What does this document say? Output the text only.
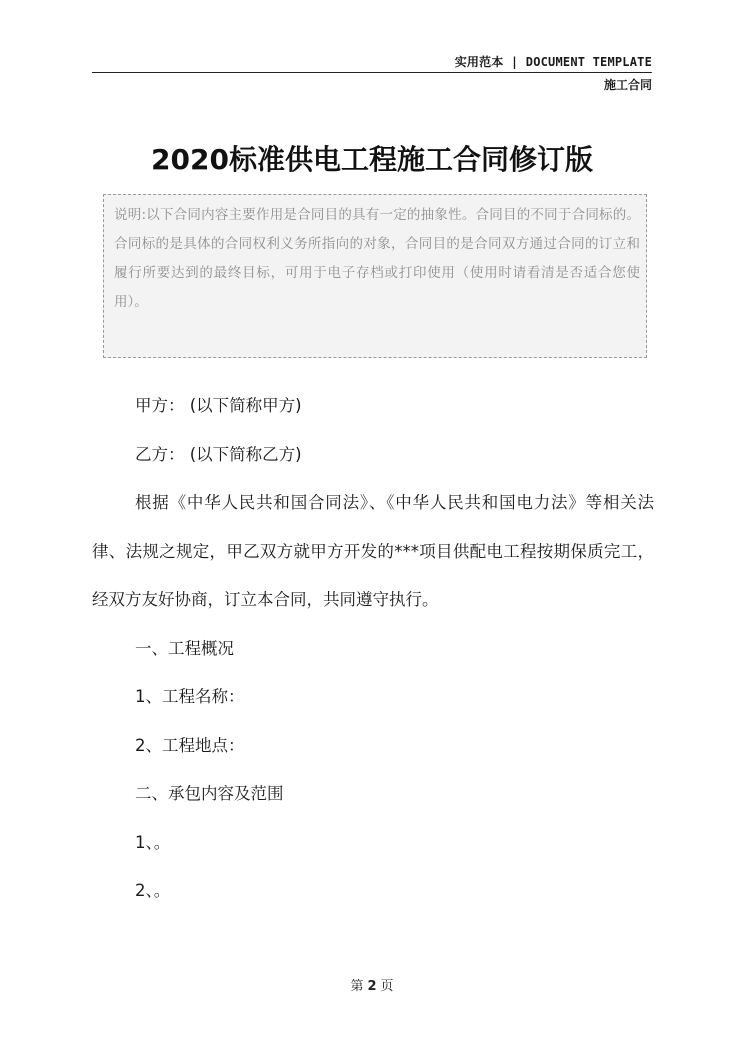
实用范本 | DOCUMENT TEMPLATE
施工合同
2020标准供电工程施工合同修订版
说明:以下合同内容主要作用是合同目的具有一定的抽象性。合同目的不同于合同标的。合同标的是具体的合同权利义务所指向的对象，合同目的是合同双方通过合同的订立和履行所要达到的最终目标，可用于电子存档或打印使用（使用时请看清是否适合您使用）。

甲方： (以下简称甲方)

乙方： (以下简称乙方)

根据《中华人民共和国合同法》、《中华人民共和国电力法》等相关法律、法规之规定，甲乙双方就甲方开发的***项目供配电工程按期保质完工，经双方友好协商，订立本合同，共同遵守执行。

一、工程概况

1、工程名称：

2、工程地点：

二、承包内容及范围

1、。

2、。

第 2 页
